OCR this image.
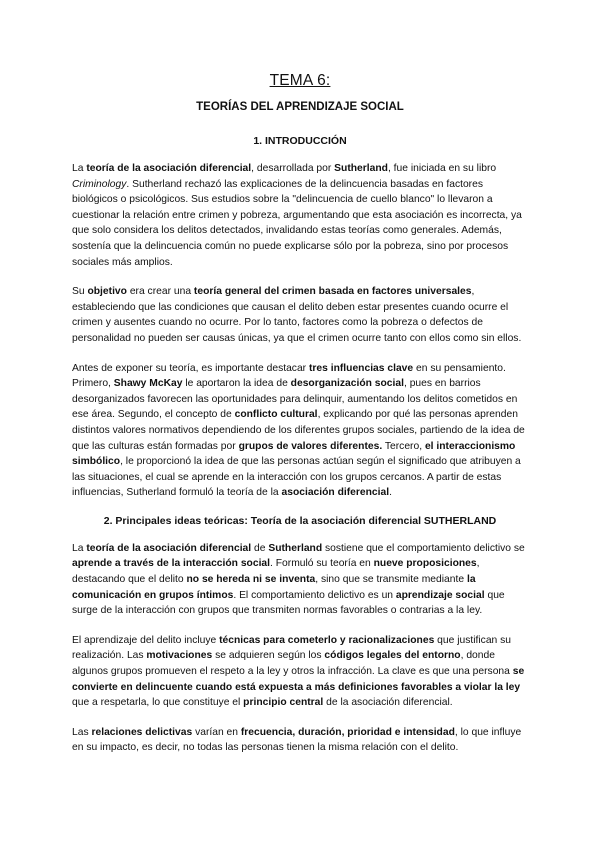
TEMA 6:
TEORÍAS DEL APRENDIZAJE SOCIAL
1. INTRODUCCIÓN

La teoría de la asociación diferencial, desarrollada por Sutherland, fue iniciada en su libro Criminology. Sutherland rechazó las explicaciones de la delincuencia basadas en factores biológicos o psicológicos. Sus estudios sobre la "delincuencia de cuello blanco" lo llevaron a cuestionar la relación entre crimen y pobreza, argumentando que esta asociación es incorrecta, ya que solo considera los delitos detectados, invalidando estas teorías como generales. Además, sostenía que la delincuencia común no puede explicarse sólo por la pobreza, sino por procesos sociales más amplios.

Su objetivo era crear una teoría general del crimen basada en factores universales, estableciendo que las condiciones que causan el delito deben estar presentes cuando ocurre el crimen y ausentes cuando no ocurre. Por lo tanto, factores como la pobreza o defectos de personalidad no pueden ser causas únicas, ya que el crimen ocurre tanto con ellos como sin ellos.

Antes de exponer su teoría, es importante destacar tres influencias clave en su pensamiento. Primero, Shawy McKay le aportaron la idea de desorganización social, pues en barrios desorganizados favorecen las oportunidades para delinquir, aumentando los delitos cometidos en ese área. Segundo, el concepto de conflicto cultural, explicando por qué las personas aprenden distintos valores normativos dependiendo de los diferentes grupos sociales, partiendo de la idea de que las culturas están formadas por grupos de valores diferentes. Tercero, el interaccionismo simbólico, le proporcionó la idea de que las personas actúan según el significado que atribuyen a las situaciones, el cual se aprende en la interacción con los grupos cercanos. A partir de estas influencias, Sutherland formuló la teoría de la asociación diferencial.

2. Principales ideas teóricas: Teoría de la asociación diferencial SUTHERLAND

La teoría de la asociación diferencial de Sutherland sostiene que el comportamiento delictivo se aprende a través de la interacción social. Formuló su teoría en nueve proposiciones, destacando que el delito no se hereda ni se inventa, sino que se transmite mediante la comunicación en grupos íntimos. El comportamiento delictivo es un aprendizaje social que surge de la interacción con grupos que transmiten normas favorables o contrarias a la ley.

El aprendizaje del delito incluye técnicas para cometerlo y racionalizaciones que justifican su realización. Las motivaciones se adquieren según los códigos legales del entorno, donde algunos grupos promueven el respeto a la ley y otros la infracción. La clave es que una persona se convierte en delincuente cuando está expuesta a más definiciones favorables a violar la ley que a respetarla, lo que constituye el principio central de la asociación diferencial.

Las relaciones delictivas varían en frecuencia, duración, prioridad e intensidad, lo que influye en su impacto, es decir, no todas las personas tienen la misma relación con el delito.
